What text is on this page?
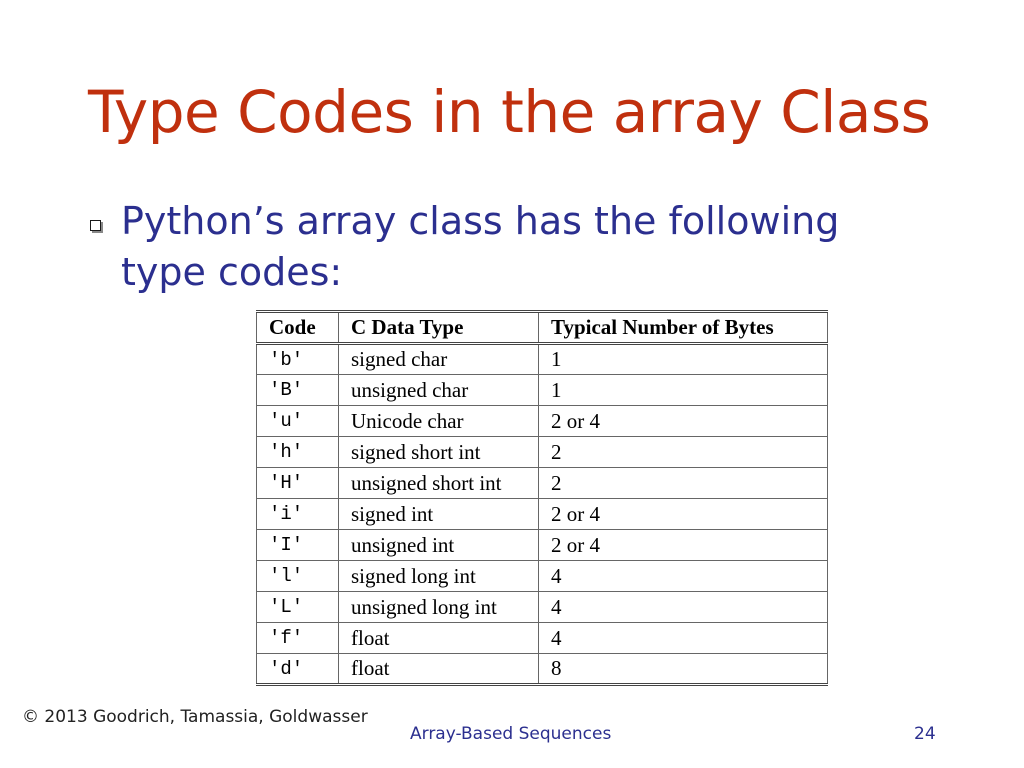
Type Codes in the array Class
Python’s array class has the following type codes:
Code	C Data Type	Typical Number of Bytes
'b'	signed char	1
'B'	unsigned char	1
'u'	Unicode char	2 or 4
'h'	signed short int	2
'H'	unsigned short int	2
'i'	signed int	2 or 4
'I'	unsigned int	2 or 4
'l'	signed long int	4
'L'	unsigned long int	4
'f'	float	4
'd'	float	8
© 2013 Goodrich, Tamassia, Goldwasser
Array-Based Sequences	24
